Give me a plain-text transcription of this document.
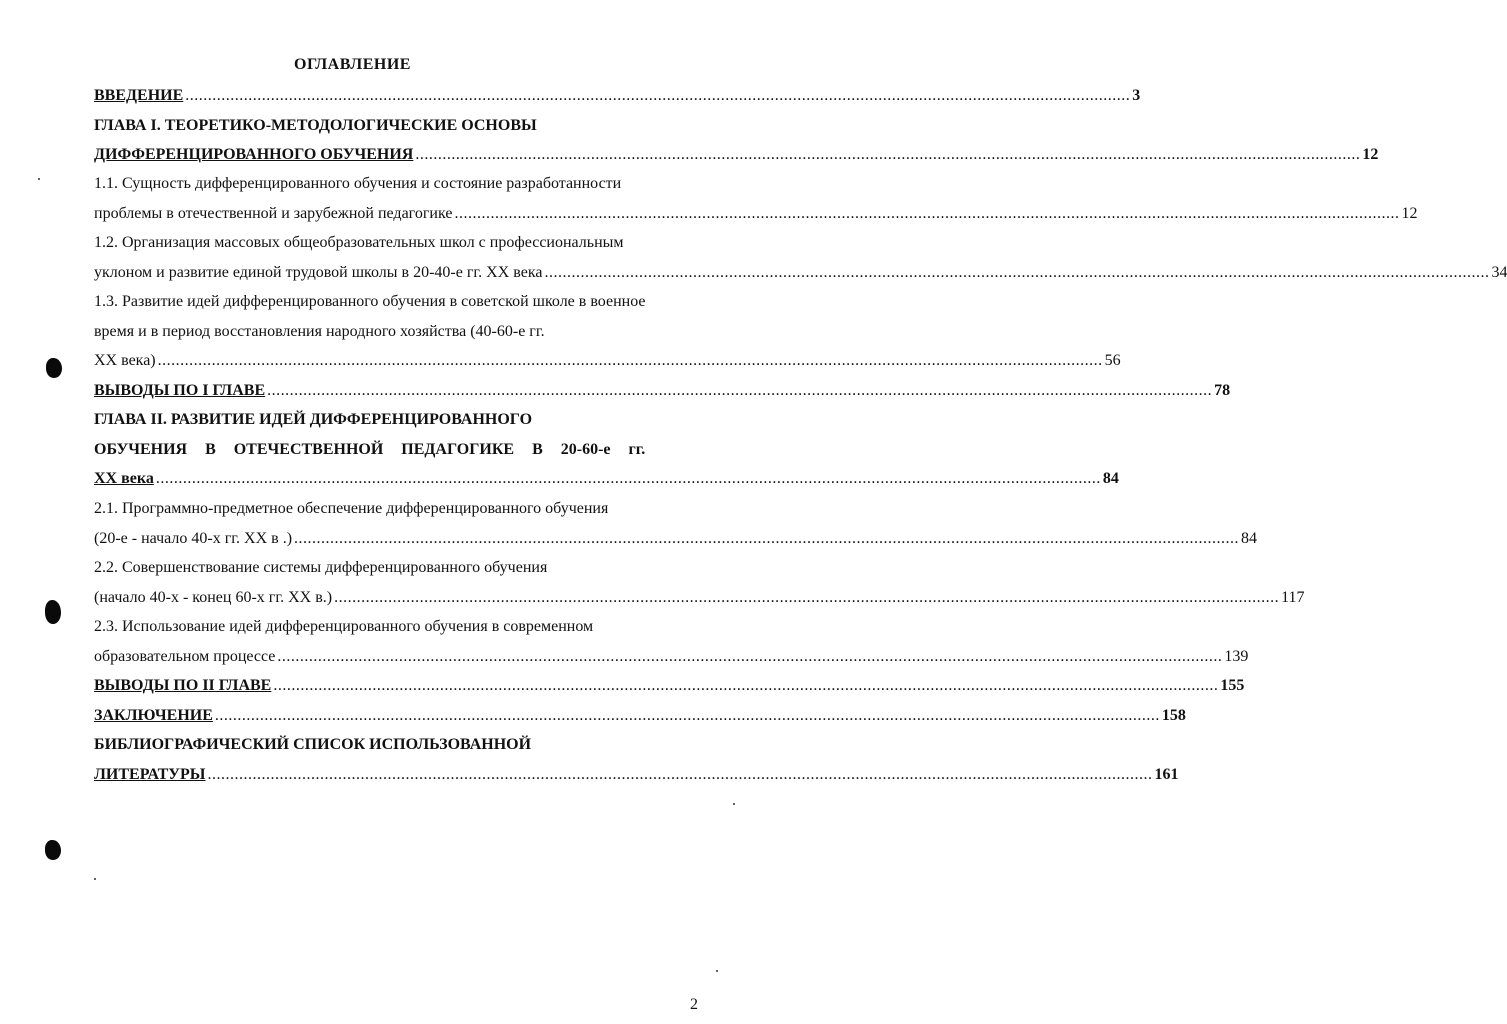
ОГЛАВЛЕНИЕ
ВВЕДЕНИЕ .................................................................................................................................................................................................................. 3
ГЛАВА I. ТЕОРЕТИКО-МЕТОДОЛОГИЧЕСКИЕ ОСНОВЫ
ДИФФЕРЕНЦИРОВАННОГО ОБУЧЕНИЯ .................................................................................................................................................................................................................. 12
1.1. Сущность дифференцированного обучения и состояние разработанности
проблемы в отечественной и зарубежной педагогике .................................................................................................................................................................................................................. 12
1.2. Организация массовых общеобразовательных школ с профессиональным
уклоном и развитие единой трудовой школы в 20-40-е гг. XX века .................................................................................................................................................................................................................. 34
1.3. Развитие идей дифференцированного обучения в советской школе в военное
время и в период восстановления народного хозяйства (40-60-е гг.
XX века) .................................................................................................................................................................................................................. 56
ВЫВОДЫ ПО I ГЛАВЕ .................................................................................................................................................................................................................. 78
ГЛАВА II. РАЗВИТИЕ ИДЕЙ ДИФФЕРЕНЦИРОВАННОГО
ОБУЧЕНИЯ В ОТЕЧЕСТВЕННОЙ ПЕДАГОГИКЕ В 20-60-е гг.
XX века .................................................................................................................................................................................................................. 84
2.1. Программно-предметное обеспечение дифференцированного обучения
(20-е - начало 40-х гг. XX в .) .................................................................................................................................................................................................................. 84
2.2. Совершенствование системы дифференцированного обучения
(начало 40-х - конец 60-х гг. XX в.) .................................................................................................................................................................................................................. 117
2.3. Использование идей дифференцированного обучения в современном
образовательном процессе .................................................................................................................................................................................................................. 139
ВЫВОДЫ ПО II ГЛАВЕ .................................................................................................................................................................................................................. 155
ЗАКЛЮЧЕНИЕ .................................................................................................................................................................................................................. 158
БИБЛИОГРАФИЧЕСКИЙ СПИСОК ИСПОЛЬЗОВАННОЙ
ЛИТЕРАТУРЫ .................................................................................................................................................................................................................. 161
2
